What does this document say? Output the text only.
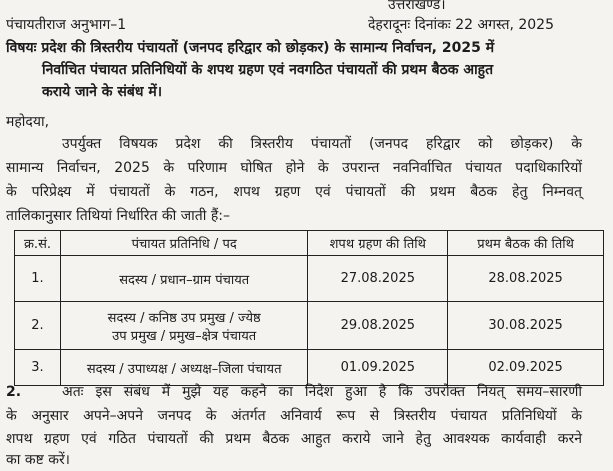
उत्तराखण्ड।
पंचायतीराज अनुभाग–1	देहरादूनः दिनांकः 22 अगस्त, 2025
विषयः प्रदेश की त्रिस्तरीय पंचायतों (जनपद हरिद्वार को छोड़कर) के सामान्य निर्वाचन, 2025 में
निर्वाचित पंचायत प्रतिनिधियों के शपथ ग्रहण एवं नवगठित पंचायतों की प्रथम बैठक आहुत
कराये जाने के संबंध में।
महोदया,
उपर्युक्त विषयक प्रदेश की त्रिस्तरीय पंचायतों (जनपद हरिद्वार को छोड़कर) के
सामान्य निर्वाचन, 2025 के परिणाम घोषित होने के उपरान्त नवनिर्वाचित पंचायत पदाधिकारियों
के परिप्रेक्ष्य में पंचायतों के गठन, शपथ ग्रहण एवं पंचायतों की प्रथम बैठक हेतु निम्नवत्
तालिकानुसार तिथियां निर्धारित की जाती हैं:–
क्र.सं.	पंचायत प्रतिनिधि / पद	शपथ ग्रहण की तिथि	प्रथम बैठक की तिथि
1.	सदस्य / प्रधान–ग्राम पंचायत	27.08.2025	28.08.2025
2.	सदस्य / कनिष्ठ उप प्रमुख / ज्येष्ठ
उप प्रमुख / प्रमुख–क्षेत्र पंचायत	29.08.2025	30.08.2025
3.	सदस्य / उपाध्यक्ष / अध्यक्ष–जिला पंचायत	01.09.2025	02.09.2025
2.	अतः इस संबंध में मुझे यह कहने का निदेश हुआ है कि उपरोक्त नियत् समय–सारणी
के अनुसार अपने–अपने जनपद के अंतर्गत अनिवार्य रूप से त्रिस्तरीय पंचायत प्रतिनिधियों के
शपथ ग्रहण एवं गठित पंचायतों की प्रथम बैठक आहुत कराये जाने हेतु आवश्यक कार्यवाही करने
का कष्ट करें।
